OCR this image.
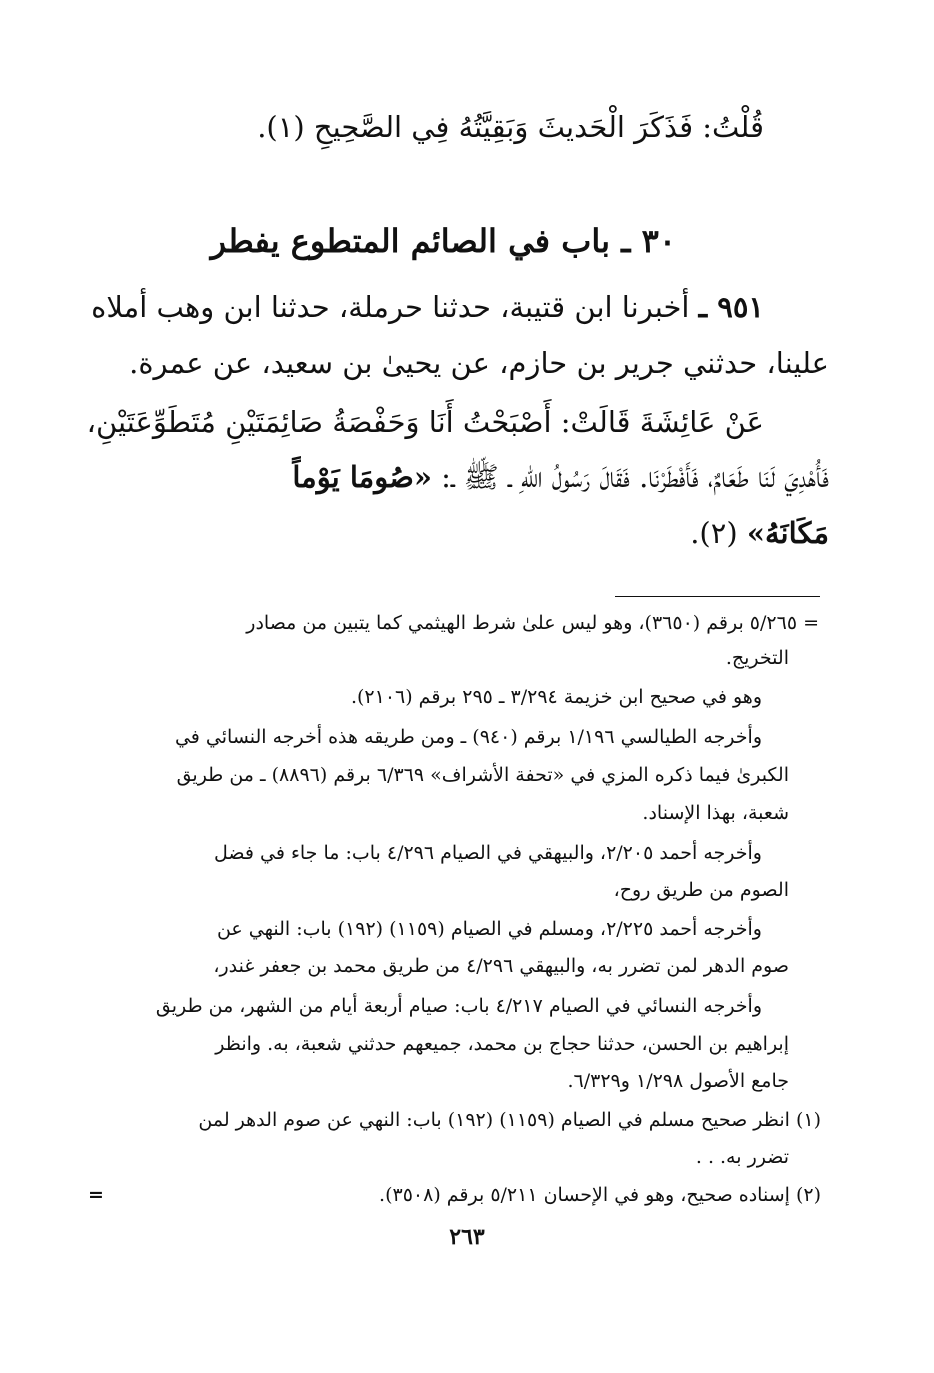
قُلْتُ: فَذَكَرَ الْحَديثَ وَبَقِيَّتُهُ فِي الصَّحِيحِ (١).
٣٠ ـ باب في الصائم المتطوع يفطر
٩٥١ ـ أخبرنا ابن قتيبة، حدثنا حرملة، حدثنا ابن وهب أملاه
علينا، حدثني جرير بن حازم، عن يحيىٰ بن سعيد، عن عمرة.
عَنْ عَائِشَةَ قَالَتْ: أَصْبَحْتُ أَنَا وَحَفْصَةُ صَائِمَتَيْنِ مُتَطَوِّعَتَيْنِ،
فَأُهْدِيَ لَنَا طَعَامٌ، فَأَفْطَرْنَا. فَقَالَ رَسُولُ اللهِ ـ ﷺ ـ: «صُومَا يَوْماً
مَكَانَهُ» (٢).
= ٥/٢٦٥ برقم (٣٦٥٠)، وهو ليس علىٰ شرط الهيثمي كما يتبين من مصادر
التخريج.
وهو في صحيح ابن خزيمة ٣/٢٩٤ ـ ٢٩٥ برقم (٢١٠٦).
وأخرجه الطيالسي ١/١٩٦ برقم (٩٤٠) ـ ومن طريقه هذه أخرجه النسائي في
الكبرىٰ فيما ذكره المزي في «تحفة الأشراف» ٦/٣٦٩ برقم (٨٨٩٦) ـ من طريق
شعبة، بهذا الإسناد.
وأخرجه أحمد ٢/٢٠٥، والبيهقي في الصيام ٤/٢٩٦ باب: ما جاء في فضل
الصوم من طريق روح،
وأخرجه أحمد ٢/٢٢٥، ومسلم في الصيام (١١٥٩) (١٩٢) باب: النهي عن
صوم الدهر لمن تضرر به، والبيهقي ٤/٢٩٦ من طريق محمد بن جعفر غندر،
وأخرجه النسائي في الصيام ٤/٢١٧ باب: صيام أربعة أيام من الشهر، من طريق
إبراهيم بن الحسن، حدثنا حجاج بن محمد، جميعهم حدثني شعبة، به. وانظر
جامع الأصول ١/٢٩٨ و٦/٣٢٩.
(١) انظر صحيح مسلم في الصيام (١١٥٩) (١٩٢) باب: النهي عن صوم الدهر لمن
تضرر به. . .
(٢) إسناده صحيح، وهو في الإحسان ٥/٢١١ برقم (٣٥٠٨).
=
٢٦٣
